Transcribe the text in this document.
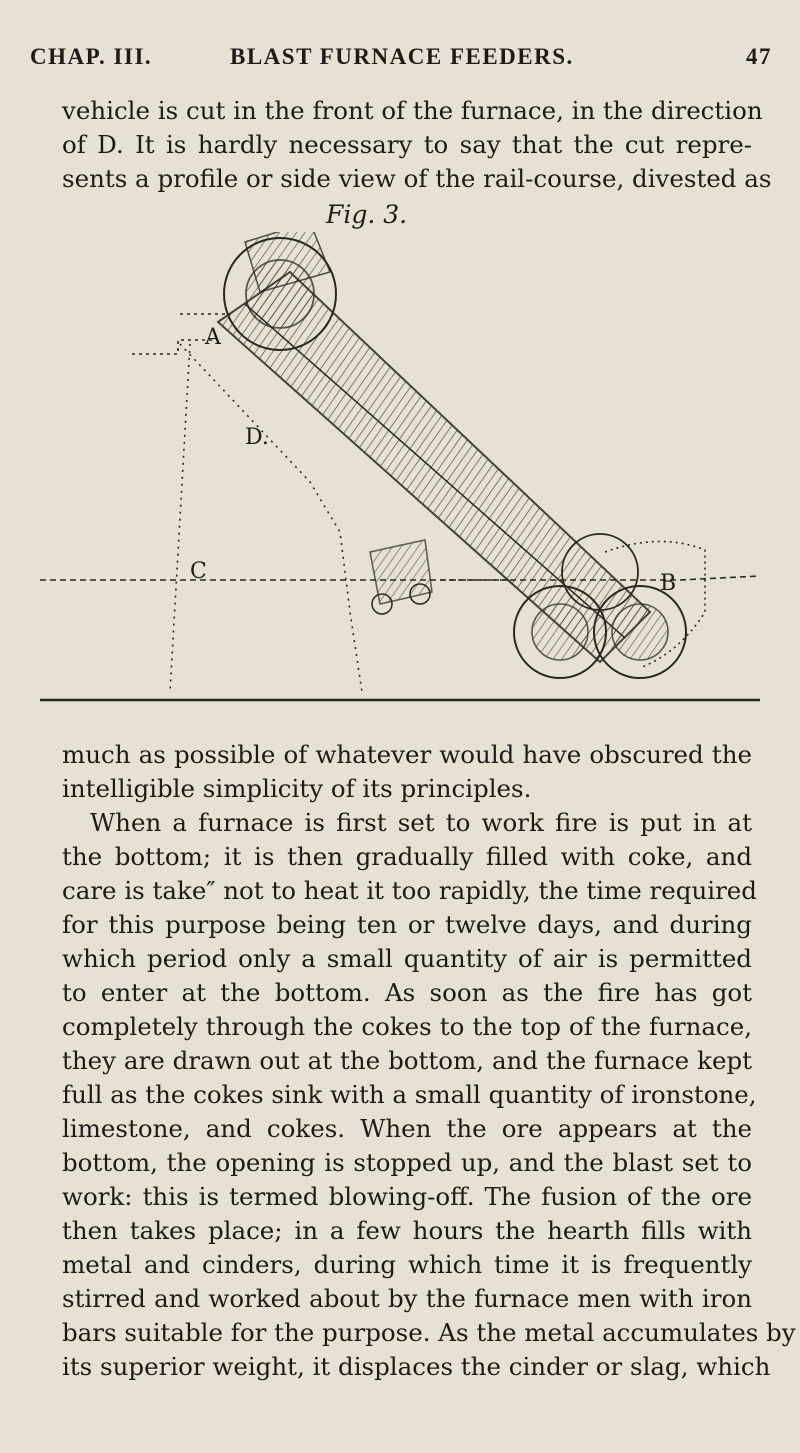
CHAP. III.	BLAST FURNACE FEEDERS.	47
vehicle is cut in the front of the furnace, in the direction
of D. It is hardly necessary to say that the cut repre-
sents a profile or side view of the rail-course, divested as
Fig. 3.
A
B
C
D.
much as possible of whatever would have obscured the
intelligible simplicity of its principles.
When a furnace is first set to work fire is put in at
the bottom; it is then gradually filled with coke, and
care is take″ not to heat it too rapidly, the time required
for this purpose being ten or twelve days, and during
which period only a small quantity of air is permitted
to enter at the bottom. As soon as the fire has got
completely through the cokes to the top of the furnace,
they are drawn out at the bottom, and the furnace kept
full as the cokes sink with a small quantity of ironstone,
limestone, and cokes. When the ore appears at the
bottom, the opening is stopped up, and the blast set to
work: this is termed blowing-off. The fusion of the ore
then takes place; in a few hours the hearth fills with
metal and cinders, during which time it is frequently
stirred and worked about by the furnace men with iron
bars suitable for the purpose. As the metal accumulates by
its superior weight, it displaces the cinder or slag, which
